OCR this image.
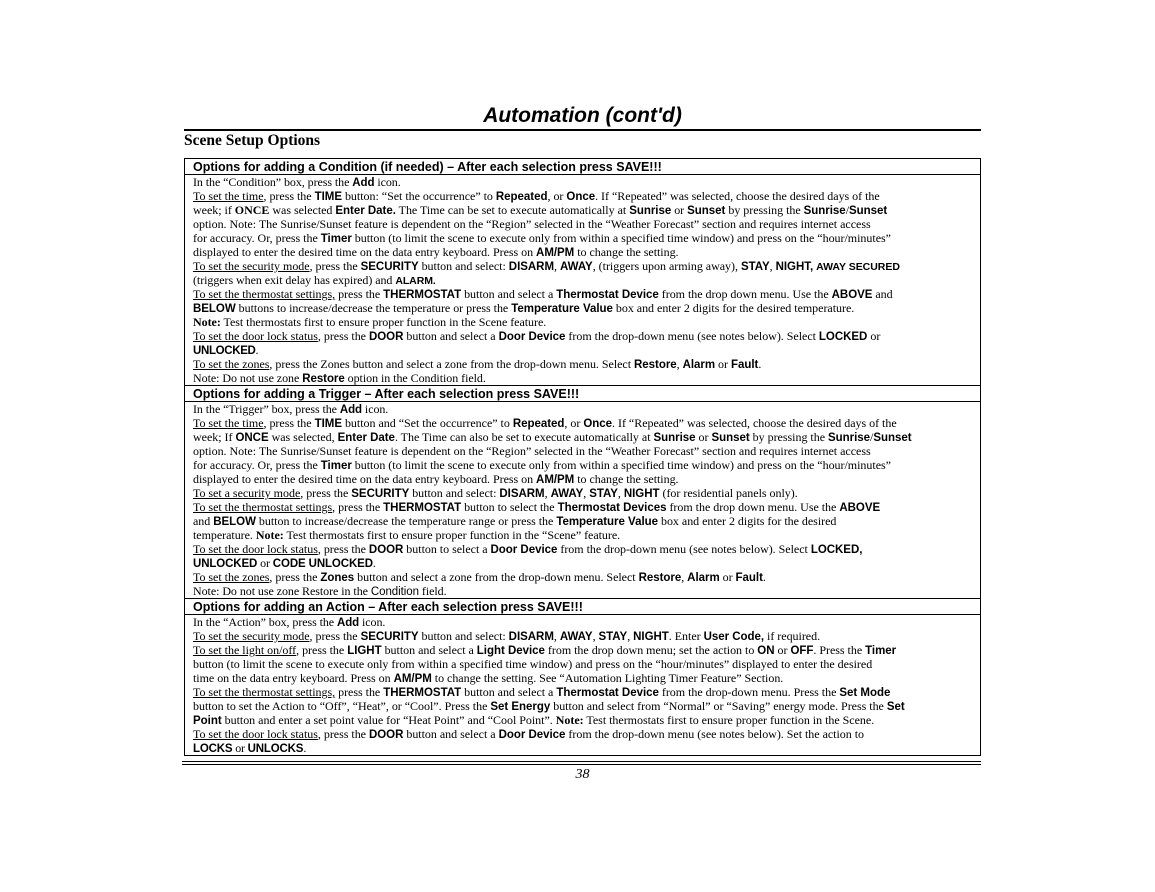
Automation (cont'd)
Scene Setup Options
Options for adding a Condition (if needed) – After each selection press SAVE!!!
In the “Condition” box, press the Add icon.
To set the time, press the TIME button: “Set the occurrence” to Repeated, or Once. If “Repeated” was selected, choose the desired days of the
week; if ONCE was selected Enter Date. The Time can be set to execute automatically at Sunrise or Sunset by pressing the Sunrise/Sunset
option. Note: The Sunrise/Sunset feature is dependent on the “Region” selected in the “Weather Forecast” section and requires internet access
for accuracy. Or, press the Timer button (to limit the scene to execute only from within a specified time window) and press on the “hour/minutes”
displayed to enter the desired time on the data entry keyboard. Press on AM/PM to change the setting.
To set the security mode, press the SECURITY button and select: DISARM, AWAY, (triggers upon arming away), STAY, NIGHT, AWAY SECURED
(triggers when exit delay has expired) and ALARM.
To set the thermostat settings, press the THERMOSTAT button and select a Thermostat Device from the drop down menu. Use the ABOVE and
BELOW buttons to increase/decrease the temperature or press the Temperature Value box and enter 2 digits for the desired temperature.
Note: Test thermostats first to ensure proper function in the Scene feature.
To set the door lock status, press the DOOR button and select a Door Device from the drop-down menu (see notes below). Select LOCKED or
UNLOCKED.
To set the zones, press the Zones button and select a zone from the drop-down menu. Select Restore, Alarm or Fault.
Note: Do not use zone Restore option in the Condition field.
Options for adding a Trigger – After each selection press SAVE!!!
In the “Trigger” box, press the Add icon.
To set the time, press the TIME button and “Set the occurrence” to Repeated, or Once. If “Repeated” was selected, choose the desired days of the
week; If ONCE was selected, Enter Date. The Time can also be set to execute automatically at Sunrise or Sunset by pressing the Sunrise/Sunset
option. Note: The Sunrise/Sunset feature is dependent on the “Region” selected in the “Weather Forecast” section and requires internet access
for accuracy. Or, press the Timer button (to limit the scene to execute only from within a specified time window) and press on the “hour/minutes”
displayed to enter the desired time on the data entry keyboard. Press on AM/PM to change the setting.
To set a security mode, press the SECURITY button and select: DISARM, AWAY, STAY, NIGHT (for residential panels only).
To set the thermostat settings, press the THERMOSTAT button to select the Thermostat Devices from the drop down menu. Use the ABOVE
and BELOW button to increase/decrease the temperature range or press the Temperature Value box and enter 2 digits for the desired
temperature. Note: Test thermostats first to ensure proper function in the “Scene” feature.
To set the door lock status, press the DOOR button to select a Door Device from the drop-down menu (see notes below). Select LOCKED,
UNLOCKED or CODE UNLOCKED.
To set the zones, press the Zones button and select a zone from the drop-down menu. Select Restore, Alarm or Fault.
Note: Do not use zone Restore in the Condition field.
Options for adding an Action – After each selection press SAVE!!!
In the “Action” box, press the Add icon.
To set the security mode, press the SECURITY button and select: DISARM, AWAY, STAY, NIGHT. Enter User Code, if required.
To set the light on/off, press the LIGHT button and select a Light Device from the drop down menu; set the action to ON or OFF. Press the Timer
button (to limit the scene to execute only from within a specified time window) and press on the “hour/minutes” displayed to enter the desired
time on the data entry keyboard. Press on AM/PM to change the setting. See “Automation Lighting Timer Feature” Section.
To set the thermostat settings, press the THERMOSTAT button and select a Thermostat Device from the drop-down menu. Press the Set Mode
button to set the Action to “Off”, “Heat”, or “Cool”. Press the Set Energy button and select from “Normal” or “Saving” energy mode. Press the Set
Point button and enter a set point value for “Heat Point” and “Cool Point”. Note: Test thermostats first to ensure proper function in the Scene.
To set the door lock status, press the DOOR button and select a Door Device from the drop-down menu (see notes below). Set the action to
LOCKS or UNLOCKS.
38
